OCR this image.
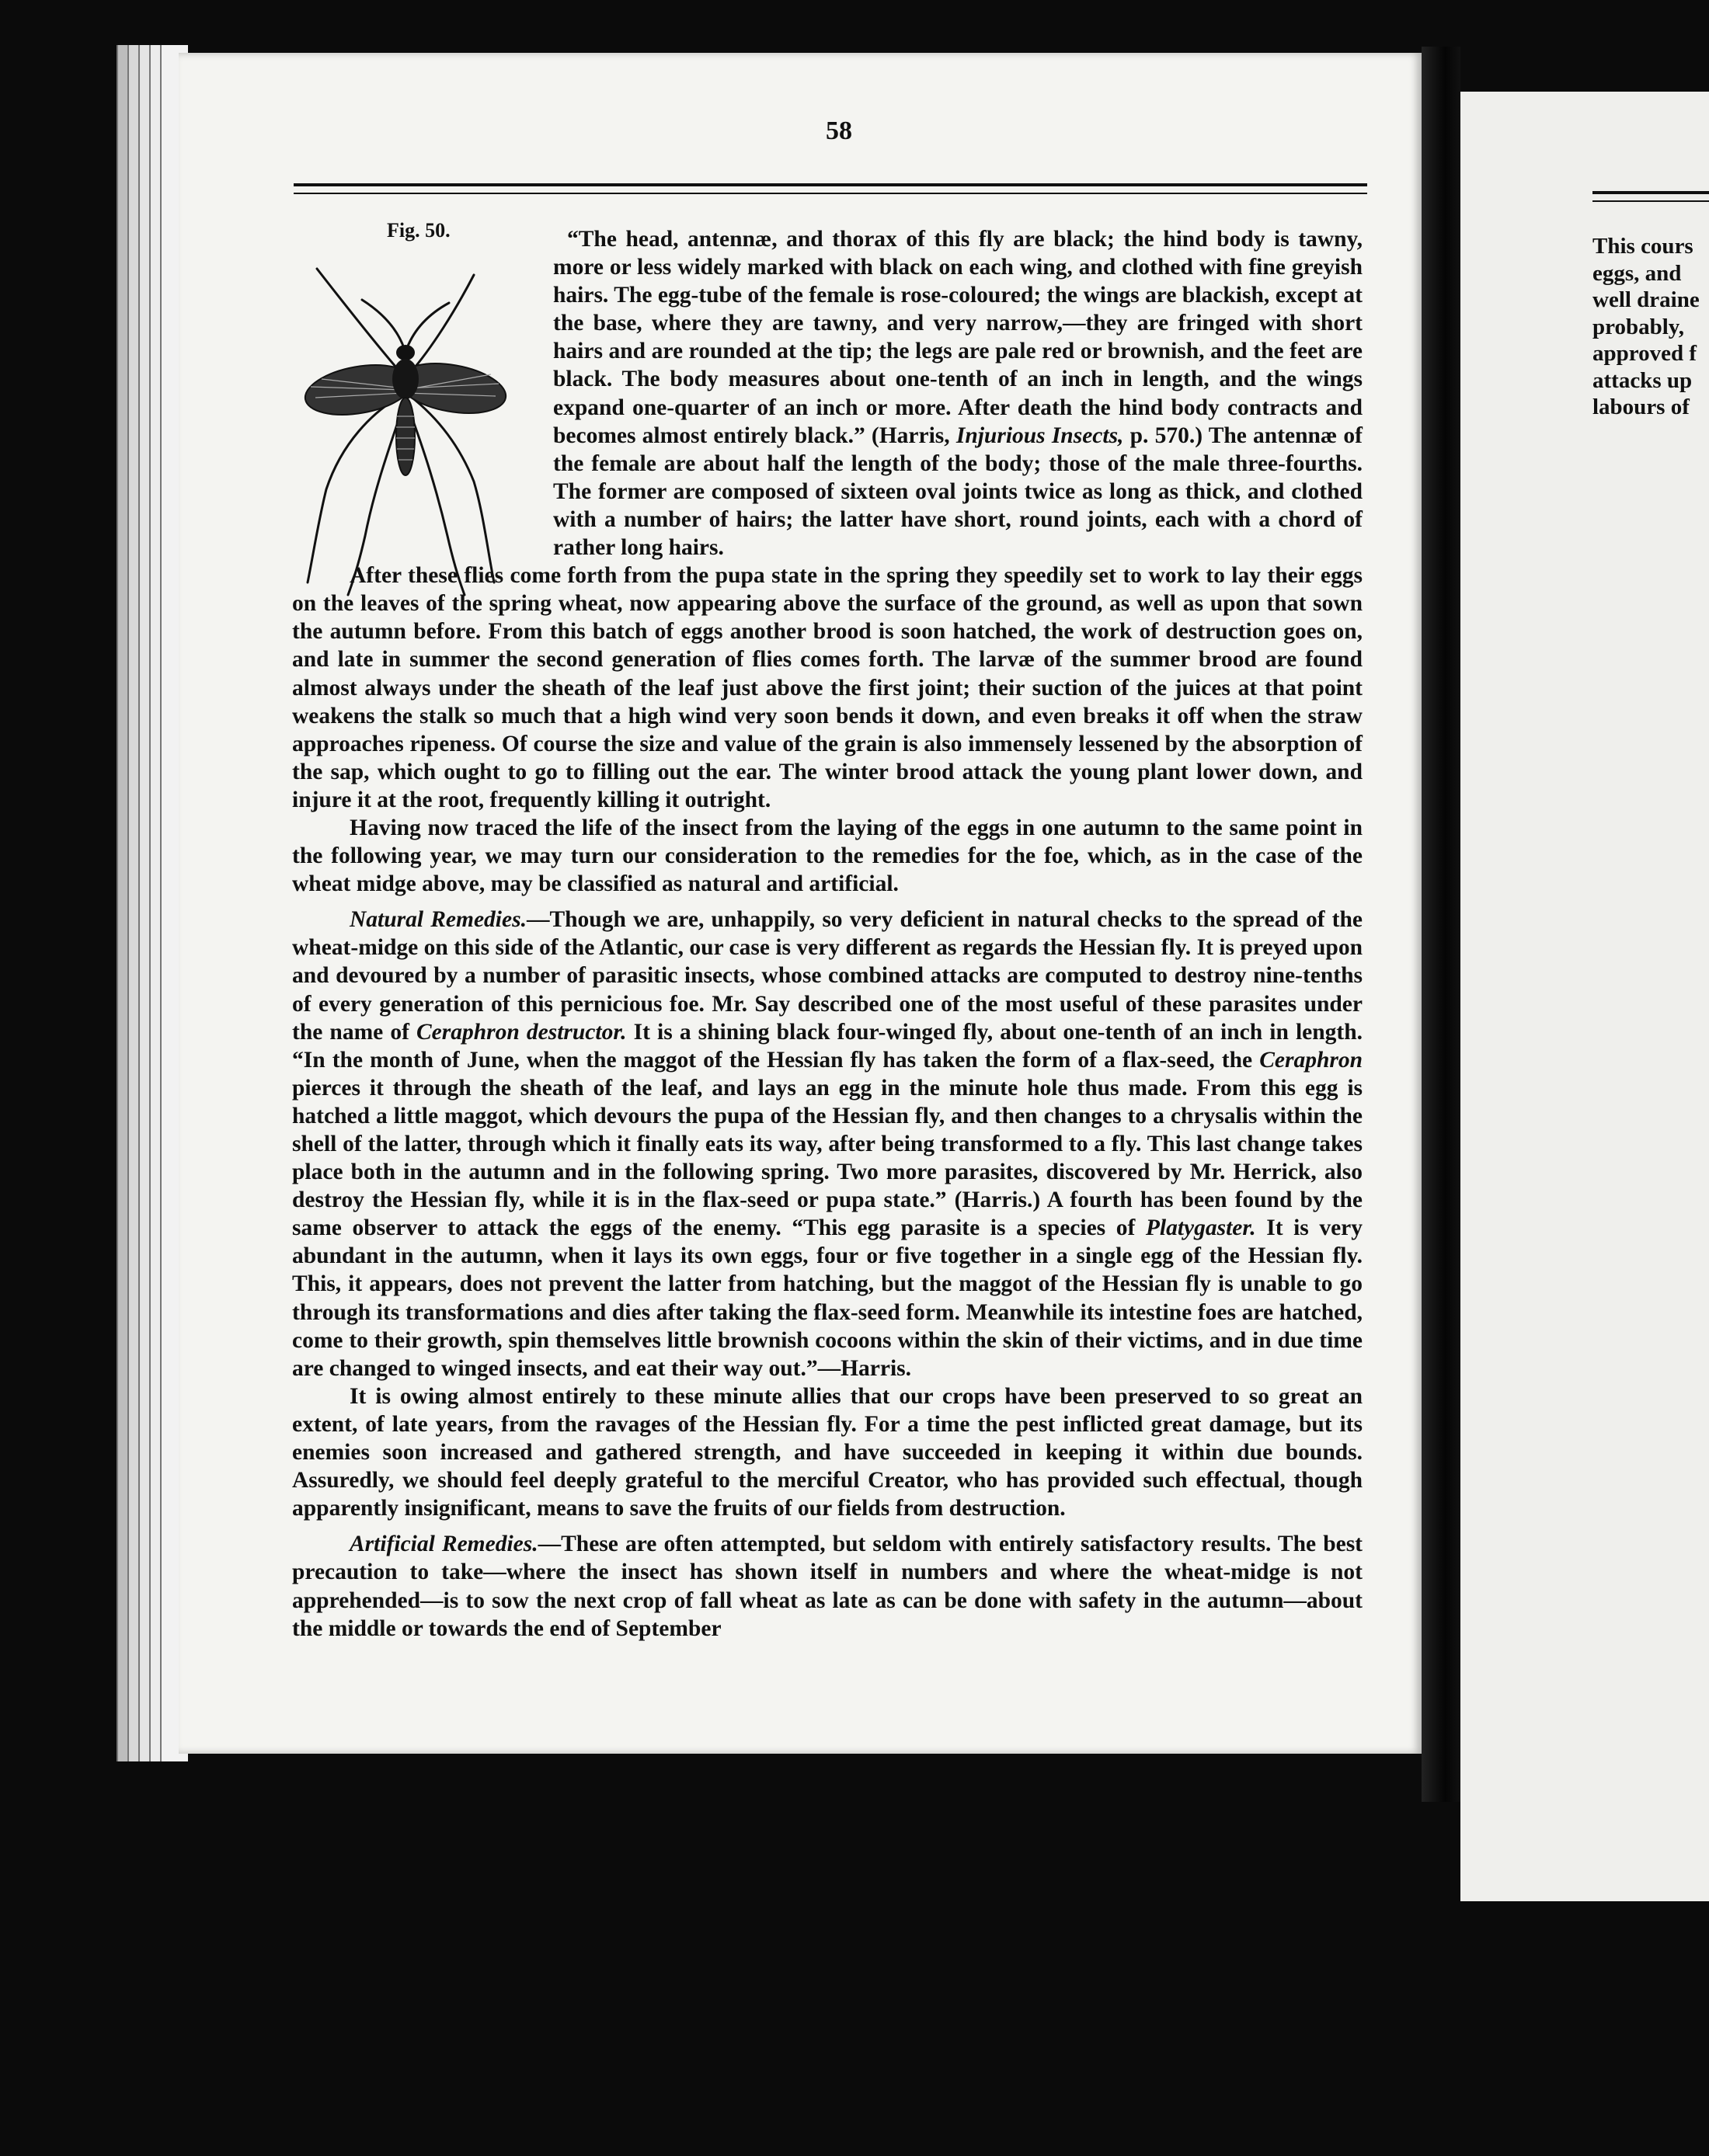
This cours
eggs, and
well draine
probably,
approved f
attacks up
labours of
58
Fig. 50.	“The head, antennæ, and thorax of this fly are black; the hind body is tawny, more or less widely marked with black on each wing, and clothed with fine greyish hairs. The egg-tube of the female is rose-coloured; the wings are blackish, except at the base, where they are tawny, and very narrow,—they are fringed with short hairs and are rounded at the tip; the legs are pale red or brownish, and the feet are black. The body measures about one-tenth of an inch in length, and the wings expand one-quarter of an inch or more. After death the hind body contracts and becomes almost entirely black.” (Harris, Injurious Insects, p. 570.) The antennæ of the female are about half the length of the body; those of the male three-fourths. The former are composed of sixteen oval joints twice as long as thick, and clothed with a number of hairs; the latter have short, round joints, each with a chord of rather long hairs.

After these flies come forth from the pupa state in the spring they speedily set to work to lay their eggs on the leaves of the spring wheat, now appearing above the surface of the ground, as well as upon that sown the autumn before. From this batch of eggs another brood is soon hatched, the work of destruction goes on, and late in summer the second generation of flies comes forth. The larvæ of the summer brood are found almost always under the sheath of the leaf just above the first joint; their suction of the juices at that point weakens the stalk so much that a high wind very soon bends it down, and even breaks it off when the straw approaches ripeness. Of course the size and value of the grain is also immensely lessened by the absorption of the sap, which ought to go to filling out the ear. The winter brood attack the young plant lower down, and injure it at the root, frequently killing it outright.

Having now traced the life of the insect from the laying of the eggs in one autumn to the same point in the following year, we may turn our consideration to the remedies for the foe, which, as in the case of the wheat midge above, may be classified as natural and artificial.

Natural Remedies.—Though we are, unhappily, so very deficient in natural checks to the spread of the wheat-midge on this side of the Atlantic, our case is very different as regards the Hessian fly. It is preyed upon and devoured by a number of parasitic insects, whose combined attacks are computed to destroy nine-tenths of every generation of this pernicious foe. Mr. Say described one of the most useful of these parasites under the name of Ceraphron destructor. It is a shining black four-winged fly, about one-tenth of an inch in length. “In the month of June, when the maggot of the Hessian fly has taken the form of a flax-seed, the Ceraphron pierces it through the sheath of the leaf, and lays an egg in the minute hole thus made. From this egg is hatched a little maggot, which devours the pupa of the Hessian fly, and then changes to a chrysalis within the shell of the latter, through which it finally eats its way, after being transformed to a fly. This last change takes place both in the autumn and in the following spring. Two more parasites, discovered by Mr. Herrick, also destroy the Hessian fly, while it is in the flax-seed or pupa state.” (Harris.) A fourth has been found by the same observer to attack the eggs of the enemy. “This egg parasite is a species of Platygaster. It is very abundant in the autumn, when it lays its own eggs, four or five together in a single egg of the Hessian fly. This, it appears, does not prevent the latter from hatching, but the maggot of the Hessian fly is unable to go through its transformations and dies after taking the flax-seed form. Meanwhile its intestine foes are hatched, come to their growth, spin themselves little brownish cocoons within the skin of their victims, and in due time are changed to winged insects, and eat their way out.”—Harris.

It is owing almost entirely to these minute allies that our crops have been preserved to so great an extent, of late years, from the ravages of the Hessian fly. For a time the pest inflicted great damage, but its enemies soon increased and gathered strength, and have succeeded in keeping it within due bounds. Assuredly, we should feel deeply grateful to the merciful Creator, who has provided such effectual, though apparently insignificant, means to save the fruits of our fields from destruction.

Artificial Remedies.—These are often attempted, but seldom with entirely satisfactory results. The best precaution to take—where the insect has shown itself in numbers and where the wheat-midge is not apprehended—is to sow the next crop of fall wheat as late as can be done with safety in the autumn—about the middle or towards the end of September
